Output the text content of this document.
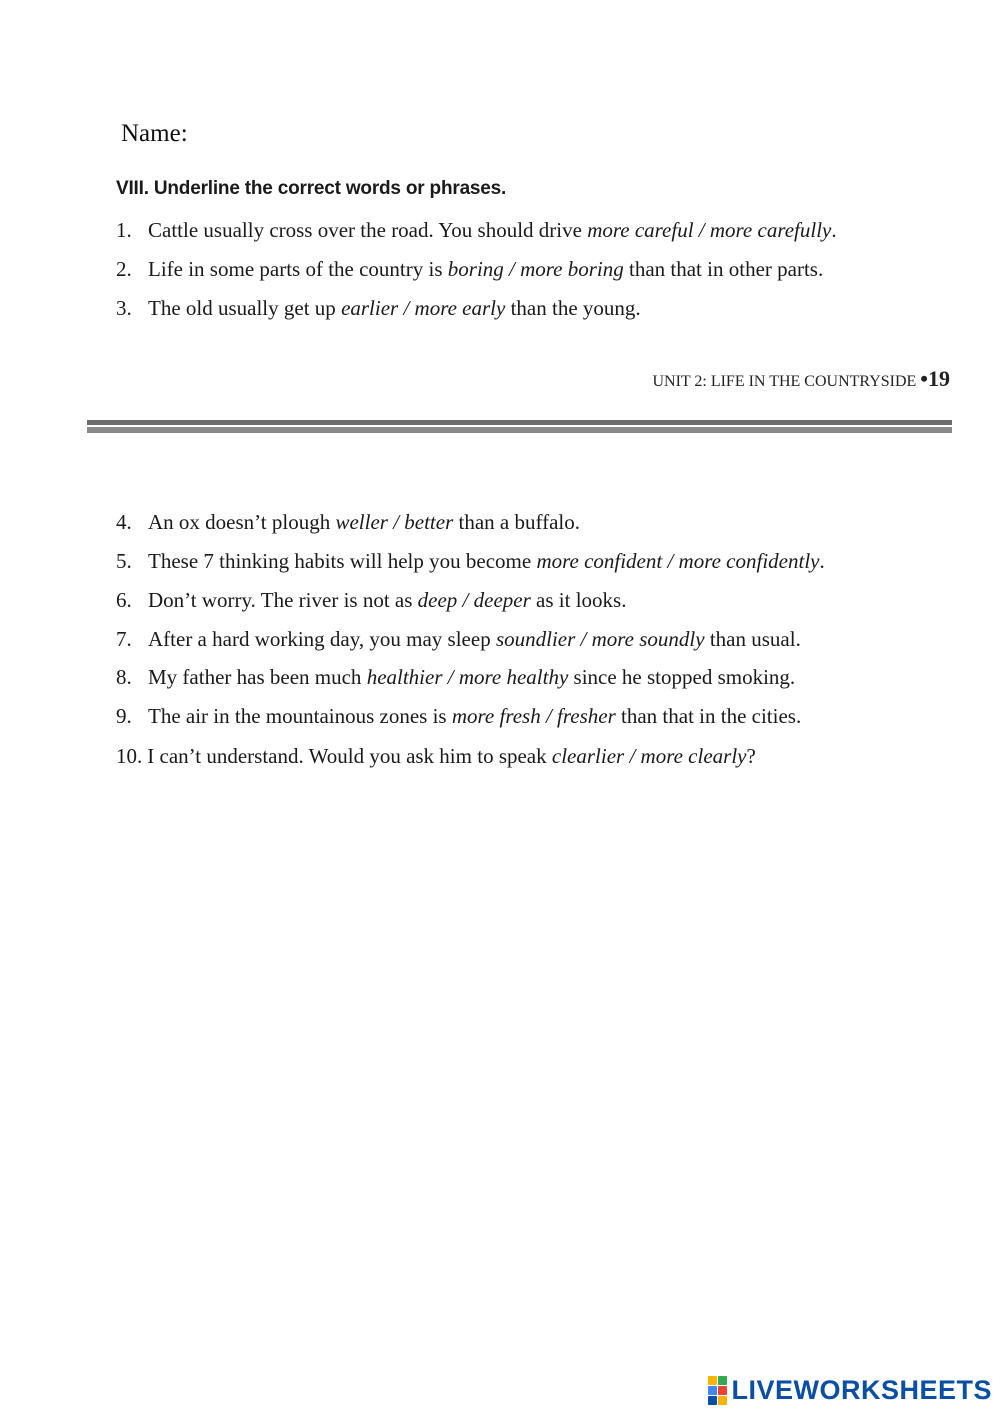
Name:
VIII. Underline the correct words or phrases.
1. Cattle usually cross over the road. You should drive more careful / more carefully.
2. Life in some parts of the country is boring / more boring than that in other parts.
3. The old usually get up earlier / more early than the young.
UNIT 2: LIFE IN THE COUNTRYSIDE •19
4. An ox doesn’t plough weller / better than a buffalo.
5. These 7 thinking habits will help you become more confident / more confidently.
6. Don’t worry. The river is not as deep / deeper as it looks.
7. After a hard working day, you may sleep soundlier / more soundly than usual.
8. My father has been much healthier / more healthy since he stopped smoking.
9. The air in the mountainous zones is more fresh / fresher than that in the cities.
10. I can’t understand. Would you ask him to speak clearlier / more clearly?
LIVEWORKSHEETS
